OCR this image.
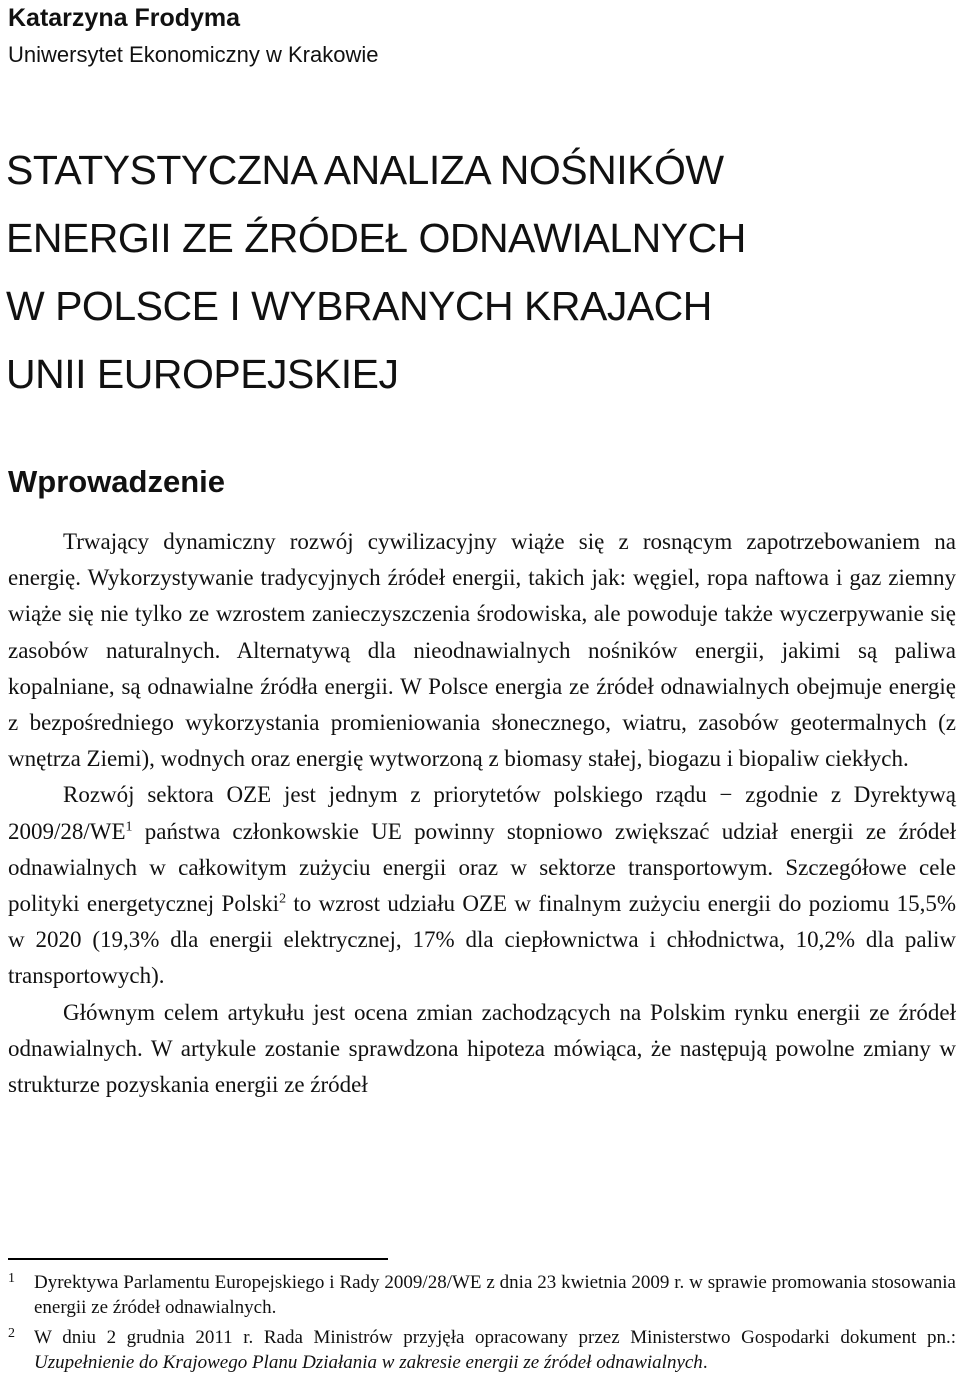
Katarzyna Frodyma
Uniwersytet Ekonomiczny w Krakowie
STATYSTYCZNA ANALIZA NOŚNIKÓW
ENERGII ZE ŹRÓDEŁ ODNAWIALNYCH
W POLSCE I WYBRANYCH KRAJACH
UNII EUROPEJSKIEJ
Wprowadzenie

Trwający dynamiczny rozwój cywilizacyjny wiąże się z rosnącym zapotrzebowaniem na energię. Wykorzystywanie tradycyjnych źródeł energii, takich jak: węgiel, ropa naftowa i gaz ziemny wiąże się nie tylko ze wzrostem zanieczyszczenia środowiska, ale powoduje także wyczerpywanie się zasobów naturalnych. Alternatywą dla nieodnawialnych nośników energii, jakimi są paliwa kopalniane, są odnawialne źródła energii. W Polsce energia ze źródeł odnawialnych obejmuje energię z bezpośredniego wykorzystania promieniowania słonecznego, wiatru, zasobów geotermalnych (z wnętrza Ziemi), wodnych oraz energię wytworzoną z biomasy stałej, biogazu i biopaliw ciekłych.

Rozwój sektora OZE jest jednym z priorytetów polskiego rządu − zgodnie z Dyrektywą $2009/28/WE^1$ państwa członkowskie UE powinny stopniowo zwiększać udział energii ze źródeł odnawialnych w całkowitym zużyciu energii oraz w sektorze transportowym. Szczegółowe cele polityki energetycznej Polski$^2$ to wzrost udziału OZE w finalnym zużyciu energii do poziomu 15,5% w 2020 (19,3% dla energii elektrycznej, 17% dla ciepłownictwa i chłodnictwa, 10,2% dla paliw transportowych).

Głównym celem artykułu jest ocena zmian zachodzących na Polskim rynku energii ze źródeł odnawialnych. W artykule zostanie sprawdzona hipoteza mówiąca, że następują powolne zmiany w strukturze pozyskania energii ze źródeł

1 Dyrektywa Parlamentu Europejskiego i Rady 2009/28/WE z dnia 23 kwietnia 2009 r. w sprawie promowania stosowania energii ze źródeł odnawialnych.
2 W dniu 2 grudnia 2011 r. Rada Ministrów przyjęła opracowany przez Ministerstwo Gospodarki dokument pn.: Uzupełnienie do Krajowego Planu Działania w zakresie energii ze źródeł odnawialnych.
